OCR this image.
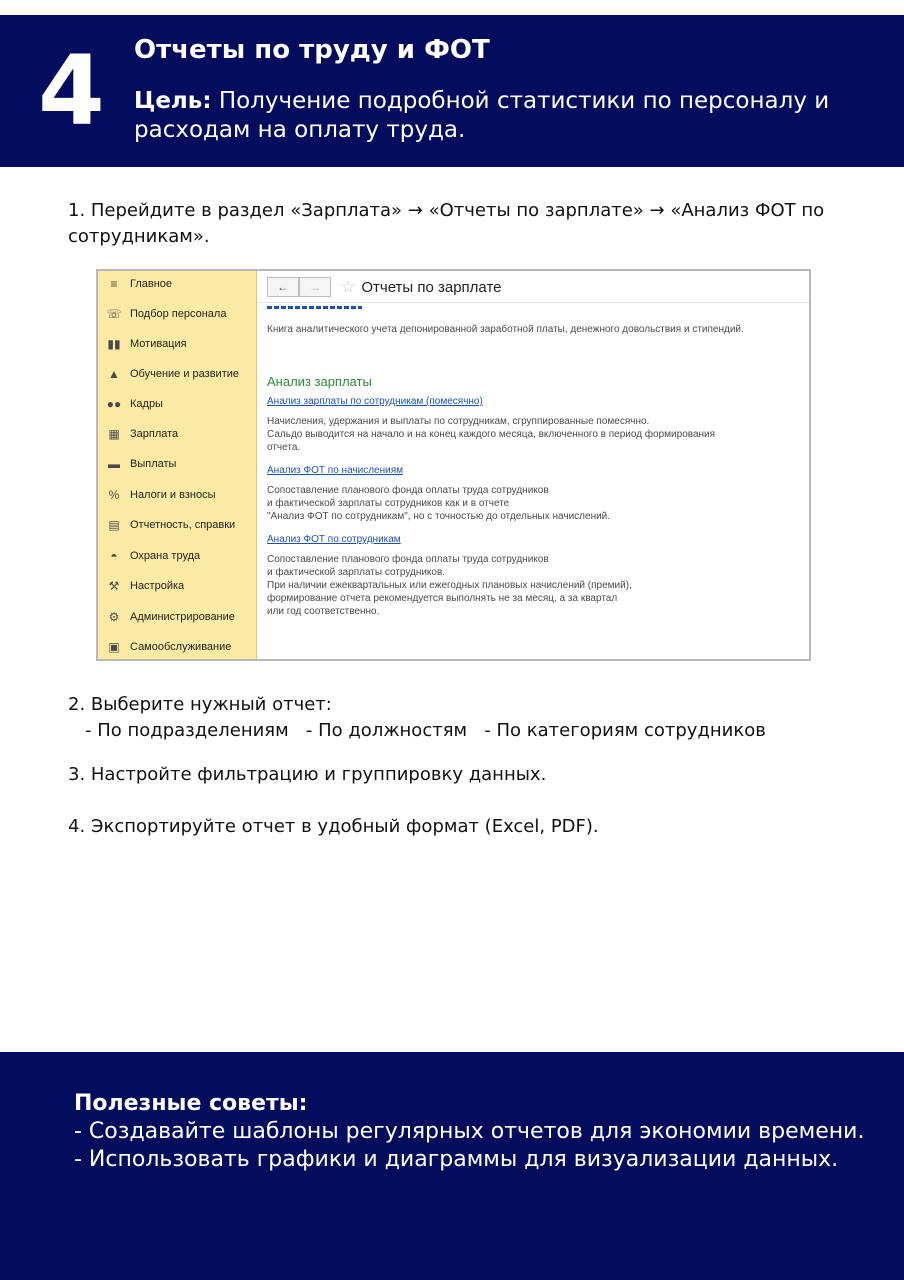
4 Отчеты по труду и ФОТ
Цель: Получение подробной статистики по персоналу и расходам на оплату труда.
1. Перейдите в раздел «Зарплата» → «Отчеты по зарплате» → «Анализ ФОТ по сотрудникам».
≡	Главное
☏ Подбор персонала
▮▮ Мотивация
▲ Обучение и развитие
●● Кадры
▦ Зарплата
▬ Выплаты
% Налоги и взносы
▤ Отчетность, справки
◓	Охрана труда
⚒ Настройка
⚙ Администрирование
▣ Самообслуживание
← → ☆ Отчеты по зарплате
Книга аналитического учета депонированной заработной платы, денежного довольствия и стипендий.
Анализ зарплаты
Анализ зарплаты по сотрудникам (помесячно)
Начисления, удержания и выплаты по сотрудникам, сгруппированные помесячно.
Сальдо выводится на начало и на конец каждого месяца, включенного в период формирования
отчета.
Анализ ФОТ по начислениям
Сопоставление планового фонда оплаты труда сотрудников
и фактической зарплаты сотрудников как и в отчете
"Анализ ФОТ по сотрудникам", но с точностью до отдельных начислений.
Анализ ФОТ по сотрудникам
Сопоставление планового фонда оплаты труда сотрудников
и фактической зарплаты сотрудников.
При наличии ежеквартальных или ежегодных плановых начислений (премий),
формирование отчета рекомендуется выполнять не за месяц, а за квартал
или год соответственно.
2. Выберите нужный отчет:
- По подразделениям   - По должностям   - По категориям сотрудников
3. Настройте фильтрацию и группировку данных.
4. Экспортируйте отчет в удобный формат (Excel, PDF).
Полезные советы:
- Создавайте шаблоны регулярных отчетов для экономии времени.
- Использовать графики и диаграммы для визуализации данных.
